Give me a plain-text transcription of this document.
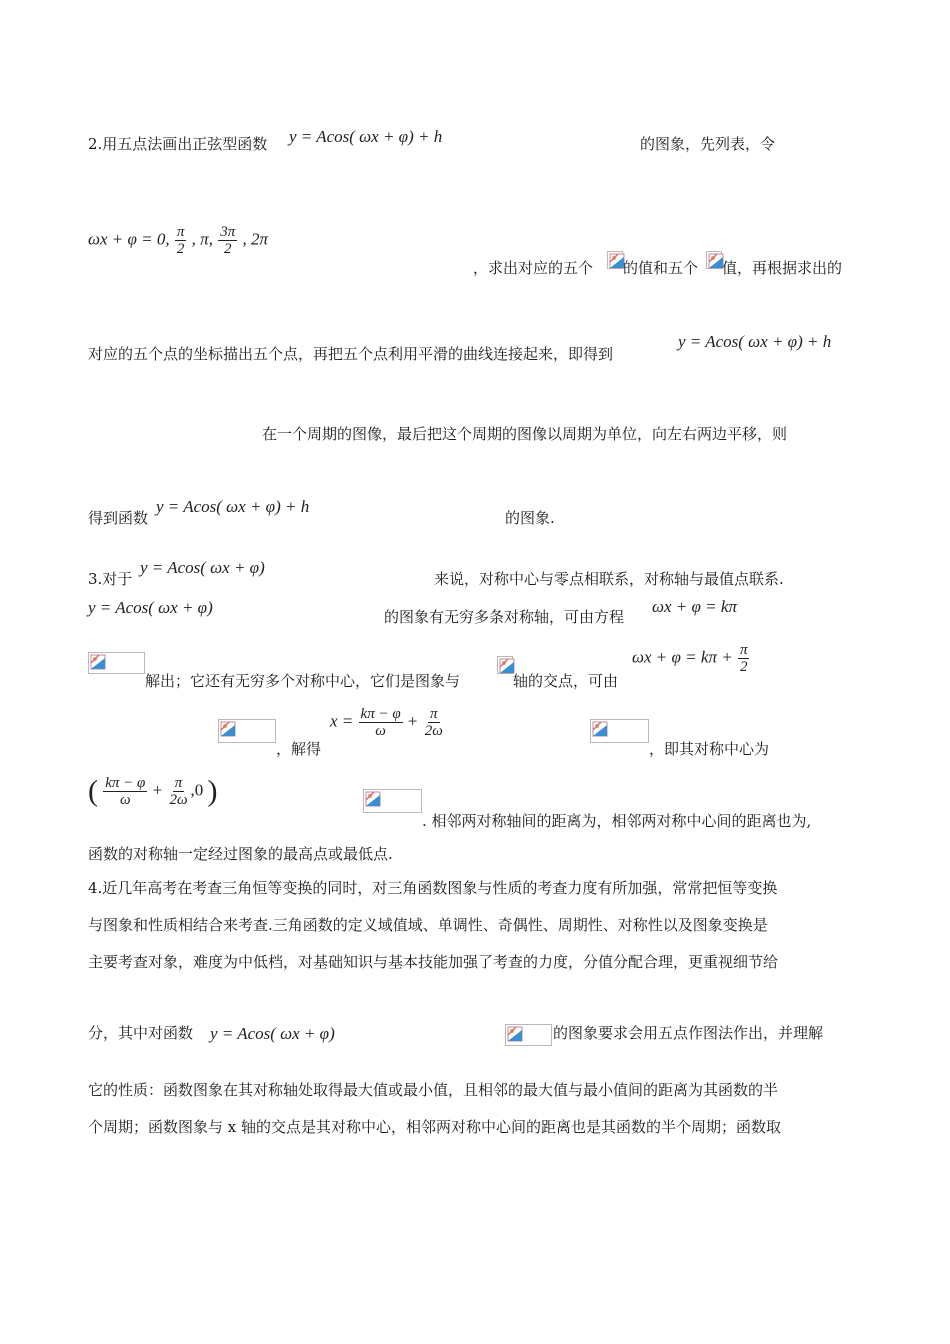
2.用五点法画出正弦型函数 y = Acos( ωx + φ) + h	的图象，先列表，令
ωx + φ = 0, $\frac{\pi}{2}$ , π, $\frac{3\pi}{2}$ , 2π
，求出对应的五个 的值和五个 值，再根据求出的
对应的五个点的坐标描出五个点，再把五个点利用平滑的曲线连接起来，即得到
y = Acos( ωx + φ) + h
在一个周期的图像，最后把这个周期的图像以周期为单位，向左右两边平移，则
得到函数
y = Acos( ωx + φ) + h
的图象.
3.对于
y = Acos( ωx + φ)
来说，对称中心与零点相联系，对称轴与最值点联系.
y = Acos( ωx + φ)	的图象有无穷多条对称轴，可由方程
ωx + φ = kπ
解出；它还有无穷多个对称中心，它们是图象与	轴的交点，可由
$\omega x + \varphi = k\pi + \frac{\pi}{2}$
，解得
$x = \frac{k\pi - \varphi}{\omega} + \frac{\pi}{2\omega}$
，即其对称中心为
( $\frac{k\pi - \varphi}{\omega} + \frac{\pi}{2\omega} ,0$ )
. 相邻两对称轴间的距离为，相邻两对称中心间的距离也为,
函数的对称轴一定经过图象的最高点或最低点.
4.近几年高考在考查三角恒等变换的同时，对三角函数图象与性质的考查力度有所加强，常常把恒等变换
与图象和性质相结合来考查.三角函数的定义域值域、单调性、奇偶性、周期性、对称性以及图象变换是
主要考查对象，难度为中低档，对基础知识与基本技能加强了考查的力度，分值分配合理，更重视细节给
分，其中对函数 y = Acos( ωx + φ)	的图象要求会用五点作图法作出，并理解
它的性质：函数图象在其对称轴处取得最大值或最小值，且相邻的最大值与最小值间的距离为其函数的半
个周期；函数图象与 x 轴的交点是其对称中心，相邻两对称中心间的距离也是其函数的半个周期；函数取
